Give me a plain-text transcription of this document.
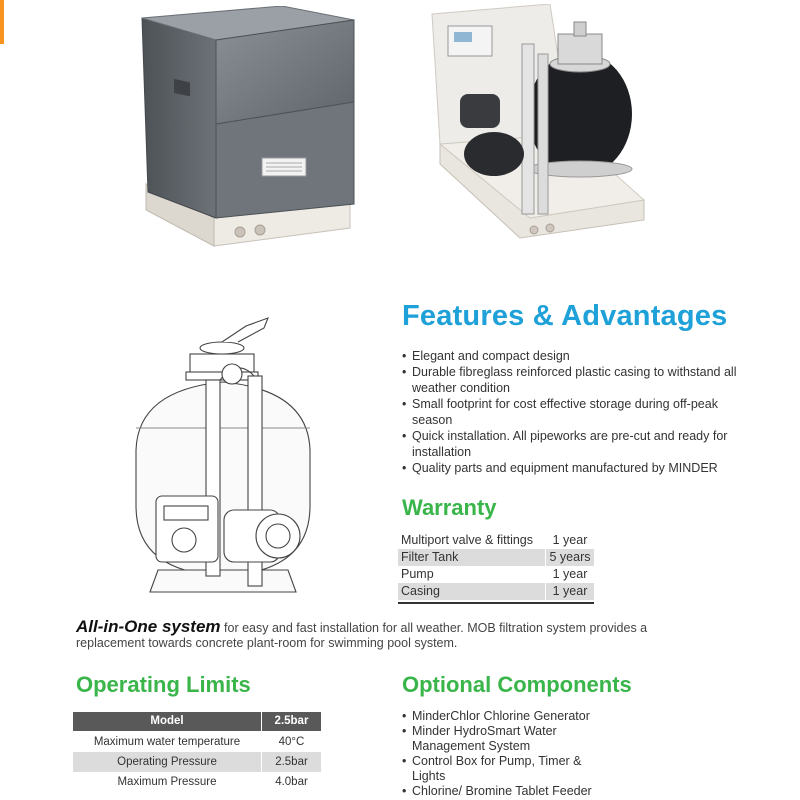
Features & Advantages
• Elegant and compact design
• Durable fibreglass reinforced plastic casing to withstand all weather condition
• Small footprint for cost effective storage during off-peak season
• Quick installation. All pipeworks are pre-cut and ready for installation
• Quality parts and equipment manufactured by MINDER
Warranty
Multiport valve & fittings	1 year
Filter Tank	5 years
Pump	1 year
Casing	1 year
All-in-One system for easy and fast installation for all weather. MOB filtration system provides a replacement towards concrete plant-room for swimming pool system.
Operating Limits
Model	2.5bar
Maximum water temperature	40°C
Operating Pressure	2.5bar
Maximum Pressure	4.0bar
Optional Components
• MinderChlor Chlorine Generator
• Minder HydroSmart Water Management System
• Control Box for Pump, Timer & Lights
• Chlorine/ Bromine Tablet Feeder
